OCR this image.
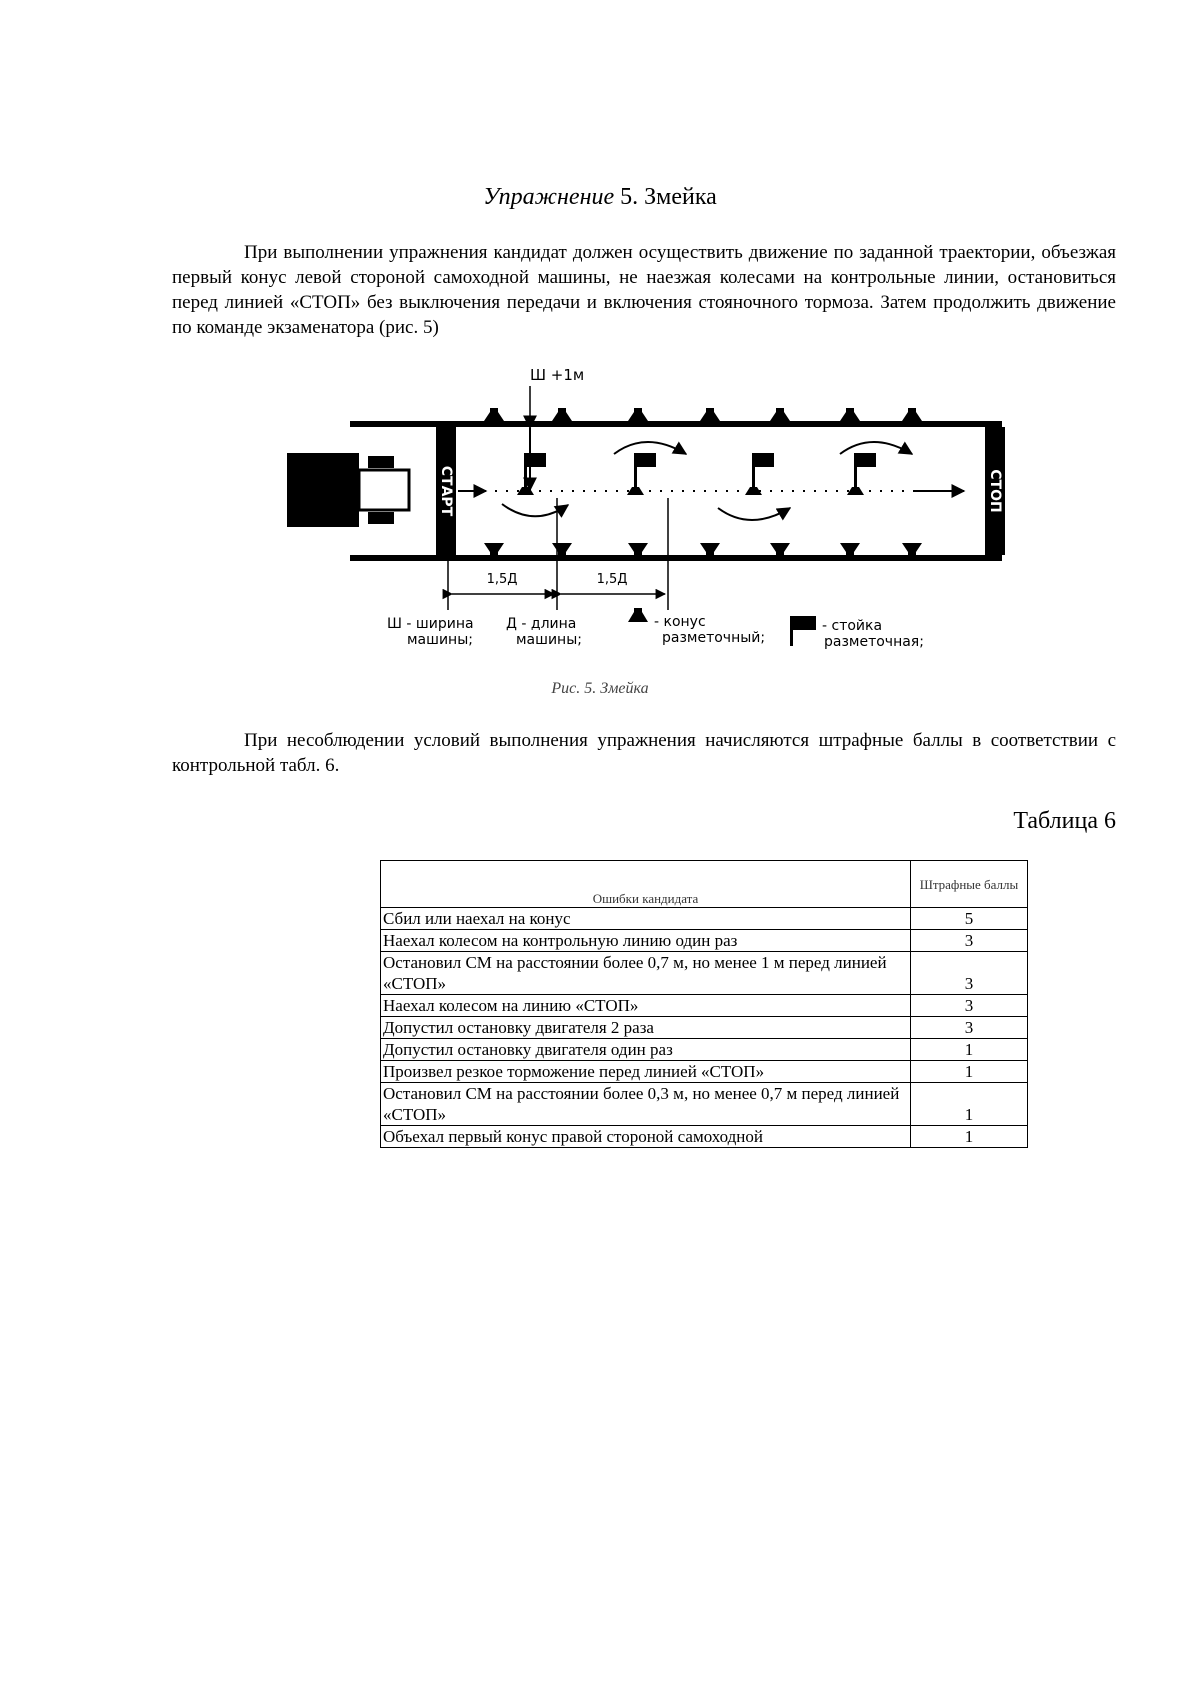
Упражнение 5. Змейка

При выполнении упражнения кандидат должен осуществить движение по заданной траектории, объезжая первый конус левой стороной самоходной машины, не наезжая колесами на контрольные линии, остановиться перед линией «СТОП» без выключения передачи и включения стояночного тормоза. Затем продолжить движение по команде экзаменатора (рис. 5)

СТАРТ	СТОП
Ш +1м
1,5Д	1,5Д
Ш - ширина
машины;
Д - длина
машины;
- конус
разметочный;
- стойка
разметочная;
Рис. 5. Змейка

При несоблюдении условий выполнения упражнения начисляются штрафные баллы в соответствии с контрольной табл. 6.

Таблица 6
Ошибки кандидата	Штрафные баллы
Сбил или наехал на конус	5
Наехал колесом на контрольную линию один раз	3
Остановил СМ на расстоянии более 0,7 м, но менее 1 м перед линией «СТОП»	3
Наехал колесом на линию «СТОП»	3
Допустил остановку двигателя 2 раза	3
Допустил остановку двигателя один раз	1
Произвел резкое торможение перед линией «СТОП»	1
Остановил СМ на расстоянии более 0,3 м, но менее 0,7 м перед линией «СТОП»	1
Объехал первый конус правой стороной самоходной	1
